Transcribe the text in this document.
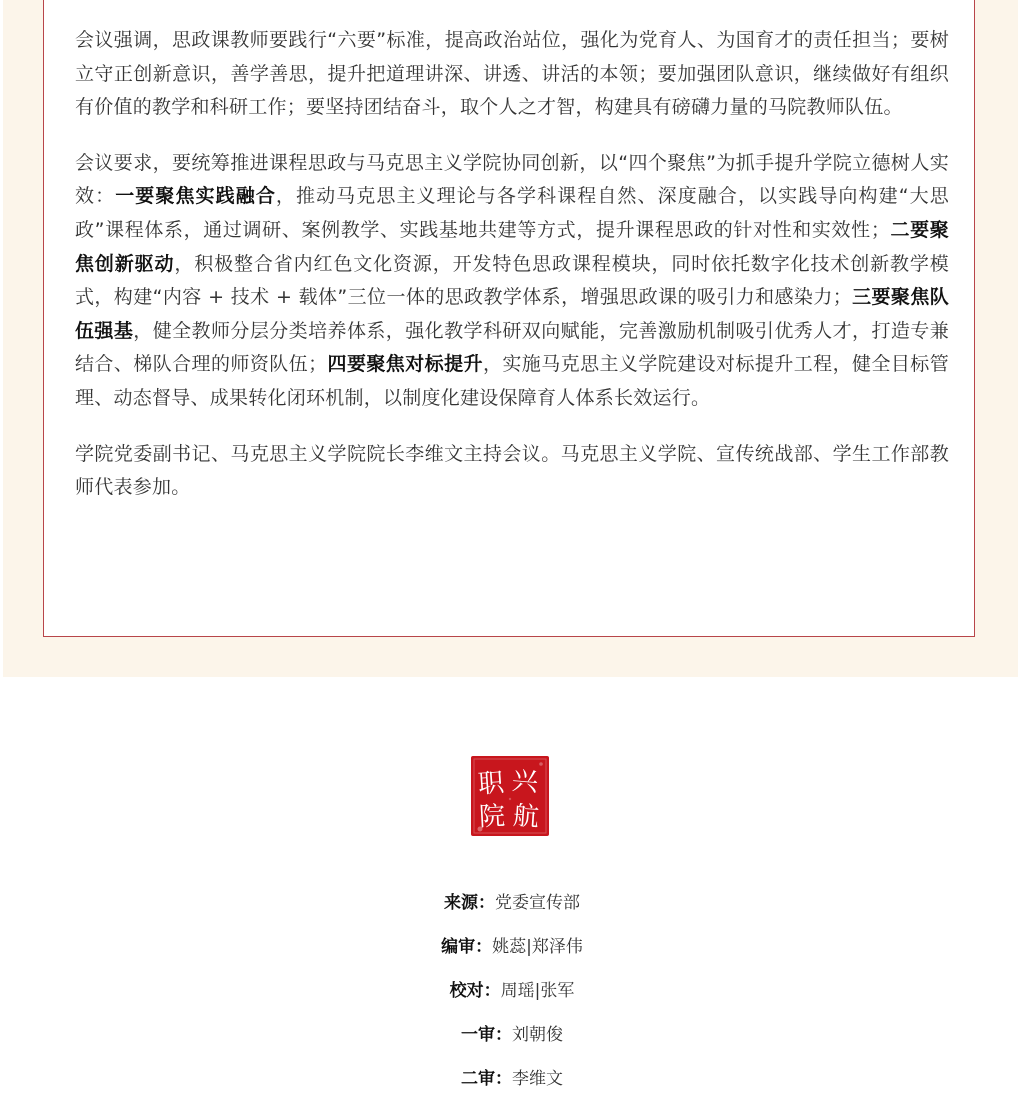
会议强调，思政课教师要践行“六要”标准，提高政治站位，强化为党育人、为国育才的责任担当；要树立守正创新意识，善学善思，提升把道理讲深、讲透、讲活的本领；要加强团队意识，继续做好有组织有价值的教学和科研工作；要坚持团结奋斗，取个人之才智，构建具有磅礴力量的马院教师队伍。

会议要求，要统筹推进课程思政与马克思主义学院协同创新，以“四个聚焦”为抓手提升学院立德树人实效：一要聚焦实践融合，推动马克思主义理论与各学科课程自然、深度融合，以实践导向构建“大思政”课程体系，通过调研、案例教学、实践基地共建等方式，提升课程思政的针对性和实效性；二要聚焦创新驱动，积极整合省内红色文化资源，开发特色思政课程模块，同时依托数字化技术创新教学模式，构建“内容 + 技术 + 载体”三位一体的思政教学体系，增强思政课的吸引力和感染力；三要聚焦队伍强基，健全教师分层分类培养体系，强化教学科研双向赋能，完善激励机制吸引优秀人才，打造专兼结合、梯队合理的师资队伍；四要聚焦对标提升，实施马克思主义学院建设对标提升工程，健全目标管理、动态督导、成果转化闭环机制，以制度化建设保障育人体系长效运行。

学院党委副书记、马克思主义学院院长李维文主持会议。马克思主义学院、宣传统战部、学生工作部教师代表参加。

职 兴
院 航
来源：党委宣传部
编审：姚蕊|郑泽伟
校对：周瑶|张军
一审：刘朝俊
二审：李维文
